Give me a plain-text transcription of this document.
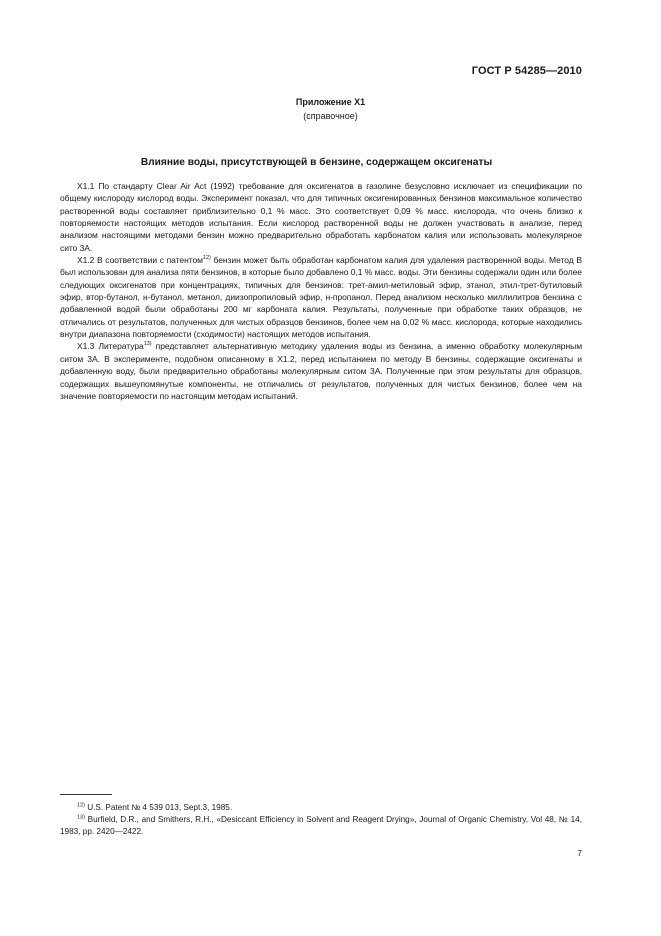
ГОСТ Р 54285—2010
Приложение X1
(справочное)
Влияние воды, присутствующей в бензине, содержащем оксигенаты

X1.1 По стандарту Clear Air Act (1992) требование для оксигенатов в газолине безусловно исключает из спецификации по общему кислороду кислород воды. Эксперимент показал, что для типичных оксигенированных бензинов максимальное количество растворенной воды составляет приблизительно 0,1 % масс. Это соответствует 0,09 % масс. кислорода, что очень близко к повторяемости настоящих методов испытания. Если кислород растворенной воды не должен участвовать в анализе, перед анализом настоящими методами бензин можно предварительно обработать карбонатом калия или использовать молекулярное сито 3А.

X1.2 В соответствии с патентом$^{12)}$ бензин может быть обработан карбонатом калия для удаления растворенной воды. Метод В был использован для анализа пяти бензинов, в которые было добавлено 0,1 % масс. воды. Эти бензины содержали один или более следующих оксигенатов при концентрациях, типичных для бензинов: трет-амил-метиловый эфир, этанол, этил-трет-бутиловый эфир, втор-бутанол, н-бутанол, метанол, диизопропиловый эфир, н-пропанол. Перед анализом несколько миллилитров бензина с добавленной водой были обработаны 200 мг карбоната калия. Результаты, полученные при обработке таких образцов, не отличались от результатов, полученных для чистых образцов бензинов, более чем на 0,02 % масс. кислорода, которые находились внутри диапазона повторяемости (сходимости) настоящих методов испытания.

X1.3 Литература$^{13)}$ представляет альтернативную методику удаления воды из бензина, а именно обработку молекулярным ситом 3А. В эксперименте, подобном описанному в X1.2, перед испытанием по методу В бензины, содержащие оксигенаты и добавленную воду, были предварительно обработаны молекулярным ситом 3А. Полученные при этом результаты для образцов, содержащих вышеупомянутые компоненты, не отличались от результатов, полученных для чистых бензинов, более чем на значение повторяемости по настоящим методам испытаний.

$^{12)}$ U.S. Patent № 4 539 013, Sept.3, 1985.

$^{13)}$ Burfield, D.R., and Smithers, R.H., «Desiccant Efficiency in Solvent and Reagent Drying», Journal of Organic Chemistry, Vol 48, № 14, 1983, pp. 2420—2422.

7
